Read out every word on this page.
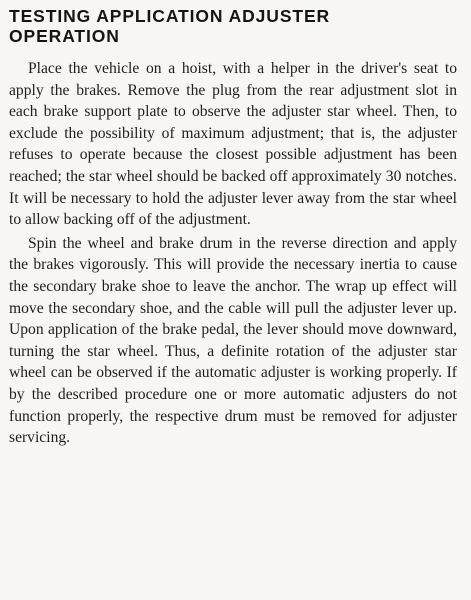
TESTING APPLICATION ADJUSTER
OPERATION

Place the vehicle on a hoist, with a helper in the driver's seat to apply the brakes. Remove the plug from the rear adjustment slot in each brake support plate to observe the adjuster star wheel. Then, to exclude the possibility of maximum adjustment; that is, the adjuster refuses to operate because the closest possible adjustment has been reached; the star wheel should be backed off approximately 30 notches. It will be necessary to hold the adjuster lever away from the star wheel to allow backing off of the adjustment.

Spin the wheel and brake drum in the reverse direction and apply the brakes vigorously. This will provide the necessary inertia to cause the secondary brake shoe to leave the anchor. The wrap up effect will move the secondary shoe, and the cable will pull the adjuster lever up. Upon application of the brake pedal, the lever should move downward, turning the star wheel. Thus, a definite rotation of the adjuster star wheel can be observed if the automatic adjuster is working properly. If by the described procedure one or more automatic adjusters do not function properly, the respective drum must be removed for adjuster servicing.
